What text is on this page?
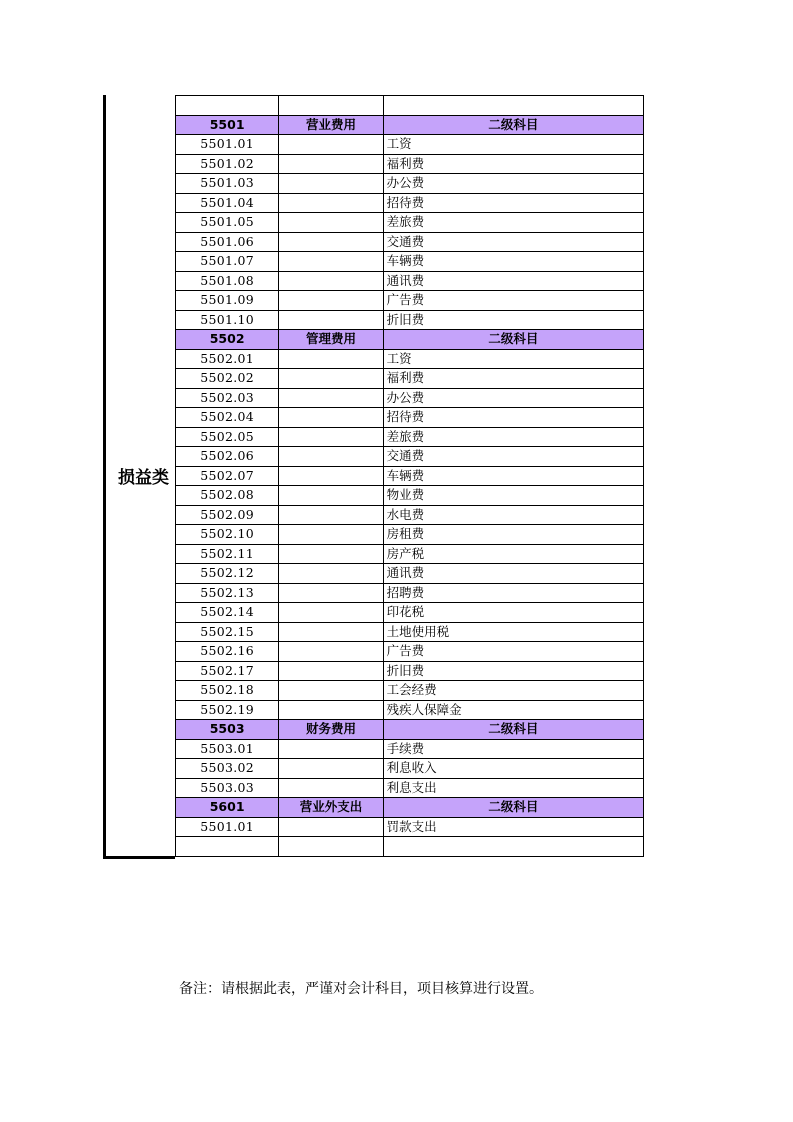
损益类

5501	营业费用	二级科目
5501.01		工资
5501.02		福利费
5501.03		办公费
5501.04		招待费
5501.05		差旅费
5501.06		交通费
5501.07		车辆费
5501.08		通讯费
5501.09		广告费
5501.10		折旧费
5502	管理费用	二级科目
5502.01		工资
5502.02		福利费
5502.03		办公费
5502.04		招待费
5502.05		差旅费
5502.06		交通费
5502.07		车辆费
5502.08		物业费
5502.09		水电费
5502.10		房租费
5502.11		房产税
5502.12		通讯费
5502.13		招聘费
5502.14		印花税
5502.15		土地使用税
5502.16		广告费
5502.17		折旧费
5502.18		工会经费
5502.19		残疾人保障金
5503	财务费用	二级科目
5503.01		手续费
5503.02		利息收入
5503.03		利息支出
5601	营业外支出	二级科目
5501.01		罚款支出

备注：请根据此表，严谨对会计科目，项目核算进行设置。
